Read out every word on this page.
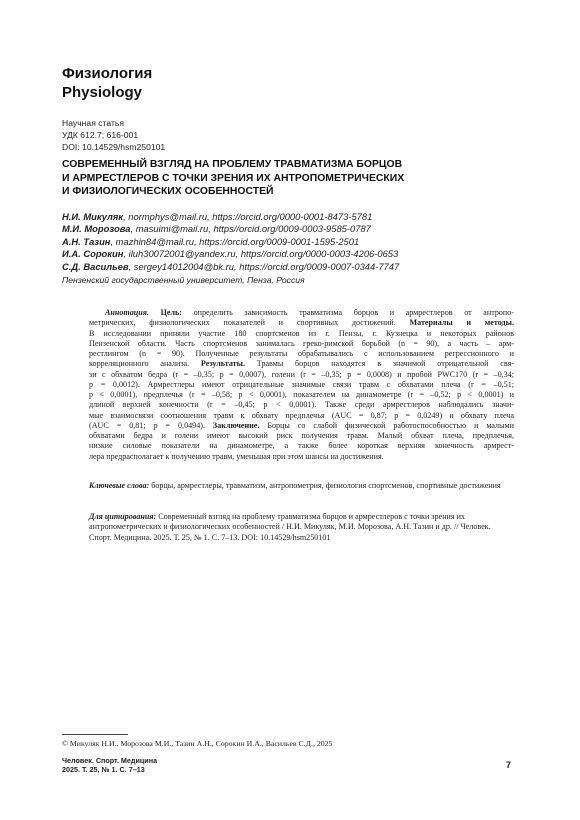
Физиология
Physiology
Научная статья
УДК 612.7; 616-001
DOI: 10.14529/hsm250101
СОВРЕМЕННЫЙ ВЗГЛЯД НА ПРОБЛЕМУ ТРАВМАТИЗМА БОРЦОВ
И АРМРЕСТЛЕРОВ С ТОЧКИ ЗРЕНИЯ ИХ АНТРОПОМЕТРИЧЕСКИХ
И ФИЗИОЛОГИЧЕСКИХ ОСОБЕННОСТЕЙ
Н.И. Микуляк, normphys@mail.ru, https://orcid.org/0000-0001-8473-5781
М.И. Морозова, masuimi@mail.ru, https//orcid.org/0009-0003-9585-0787
А.Н. Тазин, mazhin84@mail.ru, https://orcid.org/0009-0001-1595-2501
И.А. Сорокин, iluh30072001@yandex.ru, https//orcid.org/0000-0003-4206-0653
С.Д. Васильев, sergey14012004@bk.ru, https://orcid.org/0009-0007-0344-7747
Пензенский государственный университет, Пенза, Россия
Аннотация. Цель: определить зависимость травматизма борцов и армрестлеров от антропо-
метрических, физиологических показателей и спортивных достижений. Материалы и методы.
В исследовании приняли участие 180 спортсменов из г. Пензы, г. Кузнецка и некоторых районов
Пензенской области. Часть спортсменов занималась греко-римской борьбой (n = 90), а часть – арм-
рестлингом (n = 90). Полученные результаты обрабатывались с использованием регрессионного и
корреляционного анализа. Результаты. Травмы борцов находятся в значимой отрицательной свя-
зи с обхватом бедра (r = –0,35; p = 0,0007), голени (r = –0,35; p = 0,0008) и пробой PWC170 (r = –0,34;
p = 0,0012). Армрестлеры имеют отрицательные значимые связи травм с обхватами плеча (r = –0,51;
p < 0,0001), предплечья (r = –0,58; p < 0,0001), показателем на динамометре (r = –0,52; p < 0,0001) и
длиной верхней конечности (r = –0,45; p < 0,0001). Также среди армрестлеров наблюдались значи-
мые взаимосвязи соотношения травм к обхвату предплечья (AUC = 0,87; p = 0,0249) и обхвату плеча
(AUC = 0,81; p = 0,0494). Заключение. Борцы со слабой физической работоспособностью и малыми
обхватами бедра и голени имеют высокий риск получения травм. Малый обхват плеча, предплечья,
низкие силовые показатели на динамометре, а также более короткая верхняя конечность армрест-
лера предрасполагает к получению травм, уменьшая при этом шансы на достижения.
Ключевые слова: борцы, армрестлеры, травматизм, антропометрия, физиология спортсменов, спортивные достижения
Для цитирования: Современный взгляд на проблему травматизма борцов и армрестлеров с точки зрения их антропометрических и физиологических особенностей / Н.И. Микуляк, М.И. Морозова, А.Н. Тазин и др. // Человек. Спорт. Медицина. 2025. Т. 25, № 1. С. 7–13. DOI: 10.14529/hsm250101
© Микуляк Н.И., Морозова М.И., Тазин А.Н., Сорокин И.А., Васильев С.Д., 2025
Человек. Спорт. Медицина
2025. Т. 25, № 1. С. 7–13	7
